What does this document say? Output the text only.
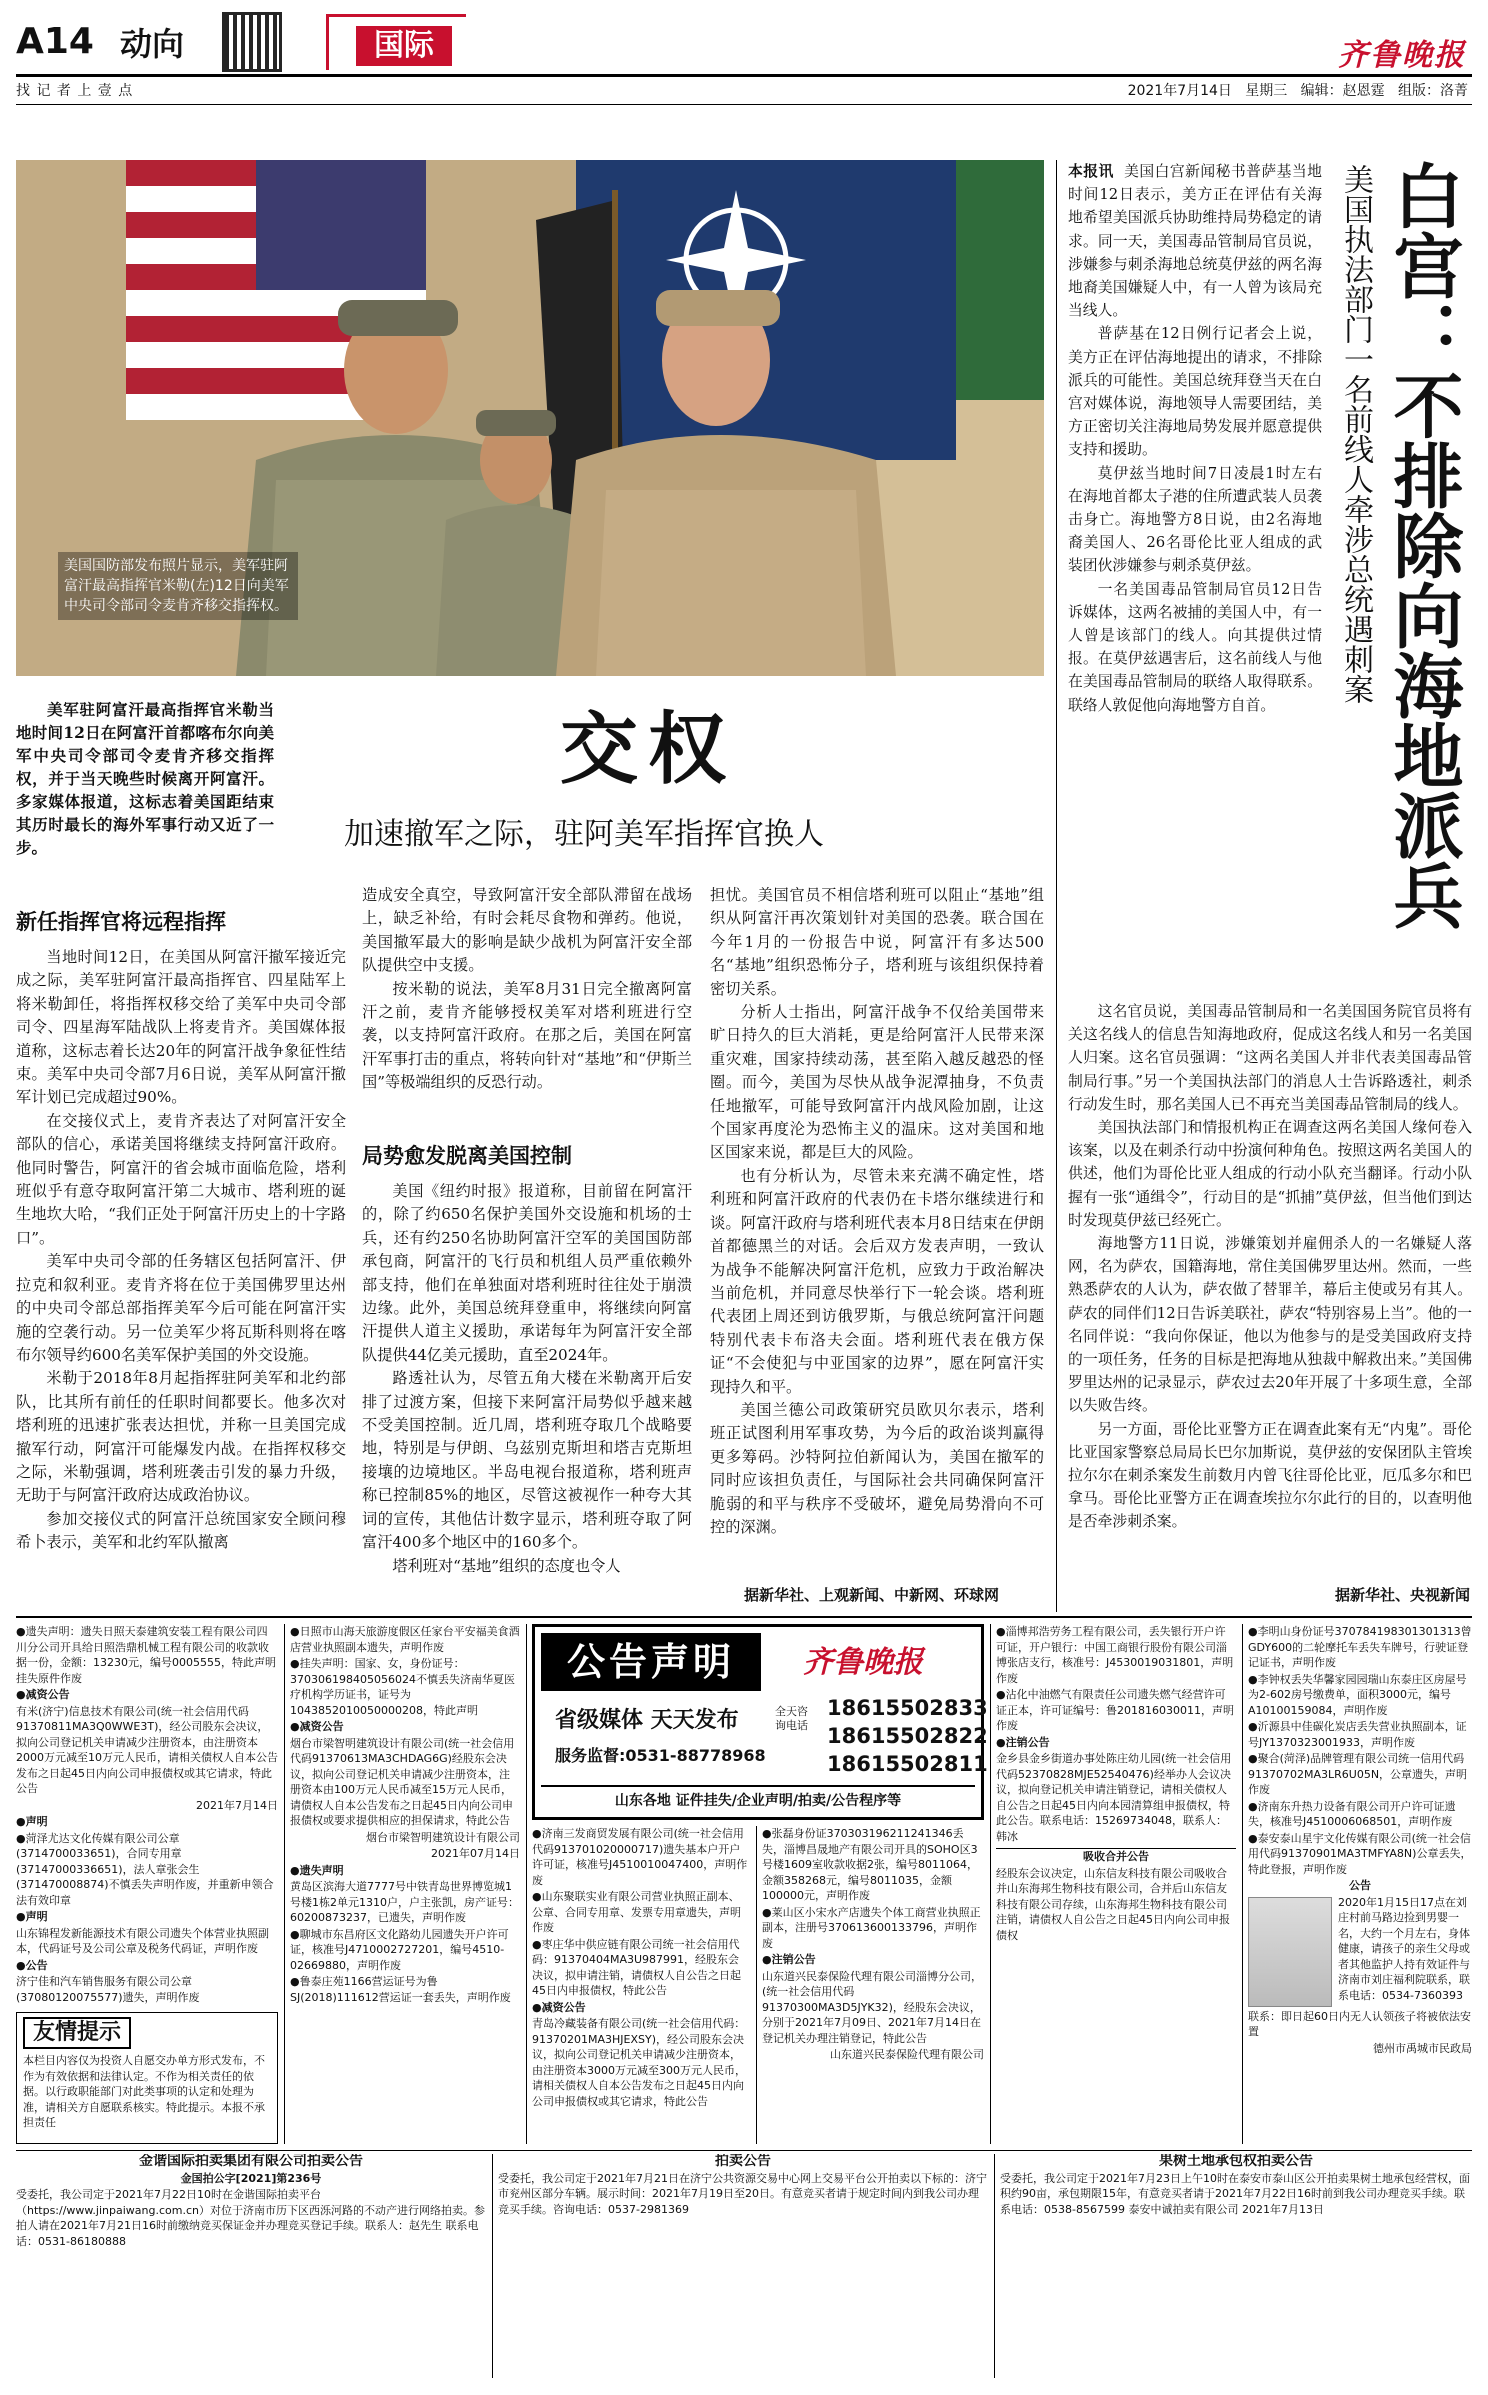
A14 动向
找 记 者 上 壹 点
国际	齐鲁晚报
2021年7月14日 星期三 编辑：赵恩霆 组版：洛菁
美国国防部发布照片显示，美军驻阿富汗最高指挥官米勒(左)12日向美军中央司令部司令麦肯齐移交指挥权。
美军驻阿富汗最高指挥官米勒当地时间12日在阿富汗首都喀布尔向美军中央司令部司令麦肯齐移交指挥权，并于当天晚些时候离开阿富汗。多家媒体报道，这标志着美国距结束其历时最长的海外军事行动又近了一步。
交权
加速撤军之际，驻阿美军指挥官换人
新任指挥官将远程指挥

当地时间12日，在美国从阿富汗撤军接近完成之际，美军驻阿富汗最高指挥官、四星陆军上将米勒卸任，将指挥权移交给了美军中央司令部司令、四星海军陆战队上将麦肯齐。美国媒体报道称，这标志着长达20年的阿富汗战争象征性结束。美军中央司令部7月6日说，美军从阿富汗撤军计划已完成超过90%。

在交接仪式上，麦肯齐表达了对阿富汗安全部队的信心，承诺美国将继续支持阿富汗政府。他同时警告，阿富汗的省会城市面临危险，塔利班似乎有意夺取阿富汗第二大城市、塔利班的诞生地坎大哈，“我们正处于阿富汗历史上的十字路口”。

美军中央司令部的任务辖区包括阿富汗、伊拉克和叙利亚。麦肯齐将在位于美国佛罗里达州的中央司令部总部指挥美军今后可能在阿富汗实施的空袭行动。另一位美军少将瓦斯科则将在喀布尔领导约600名美军保护美国的外交设施。

米勒于2018年8月起指挥驻阿美军和北约部队，比其所有前任的任职时间都要长。他多次对塔利班的迅速扩张表达担忧，并称一旦美国完成撤军行动，阿富汗可能爆发内战。在指挥权移交之际，米勒强调，塔利班袭击引发的暴力升级，无助于与阿富汗政府达成政治协议。

参加交接仪式的阿富汗总统国家安全顾问穆希卜表示，美军和北约军队撤离

造成安全真空，导致阿富汗安全部队滞留在战场上，缺乏补给，有时会耗尽食物和弹药。他说，美国撤军最大的影响是缺少战机为阿富汗安全部队提供空中支援。

按米勒的说法，美军8月31日完全撤离阿富汗之前，麦肯齐能够授权美军对塔利班进行空袭，以支持阿富汗政府。在那之后，美国在阿富汗军事打击的重点，将转向针对“基地”和“伊斯兰国”等极端组织的反恐行动。

局势愈发脱离美国控制

美国《纽约时报》报道称，目前留在阿富汗的，除了约650名保护美国外交设施和机场的士兵，还有约250名协助阿富汗空军的美国国防部承包商，阿富汗的飞行员和机组人员严重依赖外部支持，他们在单独面对塔利班时往往处于崩溃边缘。此外，美国总统拜登重申，将继续向阿富汗提供人道主义援助，承诺每年为阿富汗安全部队提供44亿美元援助，直至2024年。

路透社认为，尽管五角大楼在米勒离开后安排了过渡方案，但接下来阿富汗局势似乎越来越不受美国控制。近几周，塔利班夺取几个战略要地，特别是与伊朗、乌兹别克斯坦和塔吉克斯坦接壤的边境地区。半岛电视台报道称，塔利班声称已控制85%的地区，尽管这被视作一种夸大其词的宣传，其他估计数字显示，塔利班夺取了阿富汗400多个地区中的160多个。

塔利班对“基地”组织的态度也令人

担忧。美国官员不相信塔利班可以阻止“基地”组织从阿富汗再次策划针对美国的恐袭。联合国在今年1月的一份报告中说，阿富汗有多达500名“基地”组织恐怖分子，塔利班与该组织保持着密切关系。

分析人士指出，阿富汗战争不仅给美国带来旷日持久的巨大消耗，更是给阿富汗人民带来深重灾难，国家持续动荡，甚至陷入越反越恐的怪圈。而今，美国为尽快从战争泥潭抽身，不负责任地撤军，可能导致阿富汗内战风险加剧，让这个国家再度沦为恐怖主义的温床。这对美国和地区国家来说，都是巨大的风险。

也有分析认为，尽管未来充满不确定性，塔利班和阿富汗政府的代表仍在卡塔尔继续进行和谈。阿富汗政府与塔利班代表本月8日结束在伊朗首都德黑兰的对话。会后双方发表声明，一致认为战争不能解决阿富汗危机，应致力于政治解决当前危机，并同意尽快举行下一轮会谈。塔利班代表团上周还到访俄罗斯，与俄总统阿富汗问题特别代表卡布洛夫会面。塔利班代表在俄方保证“不会使犯与中亚国家的边界”，愿在阿富汗实现持久和平。

美国兰德公司政策研究员欧贝尔表示，塔利班正试图利用军事攻势，为今后的政治谈判赢得更多筹码。沙特阿拉伯新闻认为，美国在撤军的同时应该担负责任，与国际社会共同确保阿富汗脆弱的和平与秩序不受破坏，避免局势滑向不可控的深渊。

据新华社、上观新闻、中新网、环球网
白宫：不排除向海地派兵
美国执法部门一名前线人牵涉总统遇刺案

本报讯 美国白宫新闻秘书普萨基当地时间12日表示，美方正在评估有关海地希望美国派兵协助维持局势稳定的请求。同一天，美国毒品管制局官员说，涉嫌参与刺杀海地总统莫伊兹的两名海地裔美国嫌疑人中，有一人曾为该局充当线人。

普萨基在12日例行记者会上说，美方正在评估海地提出的请求，不排除派兵的可能性。美国总统拜登当天在白宫对媒体说，海地领导人需要团结，美方正密切关注海地局势发展并愿意提供支持和援助。

莫伊兹当地时间7日凌晨1时左右在海地首都太子港的住所遭武装人员袭击身亡。海地警方8日说，由2名海地裔美国人、26名哥伦比亚人组成的武装团伙涉嫌参与刺杀莫伊兹。

一名美国毒品管制局官员12日告诉媒体，这两名被捕的美国人中，有一人曾是该部门的线人。向其提供过情报。在莫伊兹遇害后，这名前线人与他在美国毒品管制局的联络人取得联系。联络人敦促他向海地警方自首。

这名官员说，美国毒品管制局和一名美国国务院官员将有关这名线人的信息告知海地政府，促成这名线人和另一名美国人归案。这名官员强调：“这两名美国人并非代表美国毒品管制局行事。”另一个美国执法部门的消息人士告诉路透社，刺杀行动发生时，那名美国人已不再充当美国毒品管制局的线人。

美国执法部门和情报机构正在调查这两名美国人缘何卷入该案，以及在刺杀行动中扮演何种角色。按照这两名美国人的供述，他们为哥伦比亚人组成的行动小队充当翻译。行动小队握有一张“通缉令”，行动目的是“抓捕”莫伊兹，但当他们到达时发现莫伊兹已经死亡。

海地警方11日说，涉嫌策划并雇佣杀人的一名嫌疑人落网，名为萨农，国籍海地，常住美国佛罗里达州。然而，一些熟悉萨农的人认为，萨农做了替罪羊，幕后主使或另有其人。萨农的同伴们12日告诉美联社，萨农“特别容易上当”。他的一名同伴说：“我向你保证，他以为他参与的是受美国政府支持的一项任务，任务的目标是把海地从独裁中解救出来。”美国佛罗里达州的记录显示，萨农过去20年开展了十多项生意，全部以失败告终。

另一方面，哥伦比亚警方正在调查此案有无“内鬼”。哥伦比亚国家警察总局局长巴尔加斯说，莫伊兹的安保团队主管埃拉尔尔在刺杀案发生前数月内曾飞往哥伦比亚，厄瓜多尔和巴拿马。哥伦比亚警方正在调查埃拉尔尔此行的目的，以查明他是否牵涉刺杀案。

据新华社、央视新闻

●遗失声明：遗失日照天泰建筑安装工程有限公司四川分公司开具给日照浩鼎机械工程有限公司的收款收据一份，金额：13230元，编号0005555，特此声明挂失原件作废

●减资公告

有米(济宁)信息技术有限公司(统一社会信用代码91370811MA3Q0WWE3T)，经公司股东会决议，拟向公司登记机关申请减少注册资本，由注册资本2000万元减至10万元人民币，请相关债权人自本公告发布之日起45日内向公司申报债权或其它请求，特此公告

2021年7月14日

●声明

●菏泽尤达文化传媒有限公司公章(3714700033651)，合同专用章(37147000336651)，法人章张会生(371470008874)不慎丢失声明作废，并重新申领合法有效印章

●声明

山东锦程发新能源技术有限公司遗失个体营业执照副本，代码证号及公司公章及税务代码证，声明作废

●公告

济宁佳和汽车销售服务有限公司公章(37080120075577)遗失，声明作废

友情提示
本栏目内容仅为投资人自愿交办单方形式发布，不作为有效依据和法律认定。不作为相关责任的依据。以行政职能部门对此类事项的认定和处理为准，请相关方自愿联系核实。特此提示。本报不承担责任

●日照市山海天旅游度假区任家台平安福美食酒店营业执照副本遗失，声明作废

●挂失声明：国家、女，身份证号：370306198405056024不慎丢失济南华夏医疗机构学历证书，证号为1043852010050000208，特此声明

●减资公告

烟台市梁智明建筑设计有限公司(统一社会信用代码91370613MA3CHDAG6G)经股东会决议，拟向公司登记机关申请减少注册资本，注册资本由100万元人民币减至15万元人民币，请债权人自本公告发布之日起45日内向公司申报债权或要求提供相应的担保请求，特此公告

烟台市梁智明建筑设计有限公司

2021年07月14日

●遗失声明

黄岛区滨海大道7777号中铁青岛世界博览城1号楼1栋2单元1310户，户主张凯，房产证号：60200873237，已遗失，声明作废

●聊城市东昌府区文化路幼儿园遗失开户许可证，核准号J4710002727201，编号4510-02669880，声明作废

●鲁泰庄苑1166营运证号为鲁SJ(2018)111612营运证一套丢失，声明作废

公告声明	齐鲁晚报
省级媒体 天天发布	全天咨询电话
18615502833
18615502822
18615502811
服务监督:0531-88778968
山东各地 证件挂失/企业声明/拍卖/公告程序等

●济南三发商贸发展有限公司(统一社会信用代码913701020000717)遗失基本户开户许可证，核准号J4510010047400，声明作废

●山东聚联实业有限公司营业执照正副本、公章、合同专用章、发票专用章遗失，声明作废

●枣庄华中供应链有限公司统一社会信用代码：91370404MA3U987991，经股东会决议，拟申请注销，请债权人自公告之日起45日内申报债权，特此公告

●减资公告

青岛冷藏装备有限公司(统一社会信用代码：91370201MA3HJEXSY)，经公司股东会决议，拟向公司登记机关申请减少注册资本，由注册资本3000万元减至300万元人民币，请相关债权人自本公告发布之日起45日内向公司申报债权或其它请求，特此公告

●张磊身份证370303196211241346丢失，淄博昌晟地产有限公司开具的SOHO区3号楼1609室收款收据2张，编号8011064，金额358268元，编号8011035，金额100000元，声明作废

●莱山区小宋水产店遗失个体工商营业执照正副本，注册号370613600133796，声明作废

●注销公告

山东道兴民泰保险代理有限公司淄博分公司，(统一社会信用代码91370300MA3D5JYK32)，经股东会决议，分别于2021年7月09日、2021年7月14日在登记机关办理注销登记，特此公告

山东道兴民泰保险代理有限公司

●淄博邦浩劳务工程有限公司，丢失银行开户许可证，开户银行：中国工商银行股份有限公司淄博张店支行，核准号：J4530019031801，声明作废

●沾化中油燃气有限责任公司遗失燃气经营许可证正本，许可证编号：鲁201816030011，声明作废

●注销公告

金乡县金乡街道办事处陈庄幼儿园(统一社会信用代码52370828MJE52540476)经举办人会议决议，拟向登记机关申请注销登记，请相关债权人自公告之日起45日内向本园清算组申报债权，特此公告。联系电话：15269734048，联系人：韩冰

吸收合并公告

经股东会议决定，山东信友科技有限公司吸收合并山东海邦生物科技有限公司，合并后山东信友科技有限公司存续，山东海邦生物科技有限公司注销，请债权人自公告之日起45日内向公司申报债权

●李明山身份证号370784198301301313曾GDY600的二轮摩托车丢失车牌号，行驶证登记证书，声明作废

●李钟权丢失华馨家园园瑞山东泰庄区房屋号为2-602房号缴费单，面积3000元，编号A10100159084，声明作废

●沂源县中佳碳化炭店丢失营业执照副本，证号JY1370323001933，声明作废

●聚合(菏泽)品牌管理有限公司统一信用代码91370702MA3LR6U05N，公章遗失，声明作废

●济南东升热力设备有限公司开户许可证遗失，核准号J4510006068501，声明作废

●泰安泰山星宇文化传媒有限公司(统一社会信用代码91370901MA3TMFYA8N)公章丢失，特此登报，声明作废

公告

2020年1月15日17点在刘庄村前马路边捡到男婴一名，大约一个月左右，身体健康，请孩子的亲生父母或者其他监护人持有效证件与济南市刘庄福利院联系，联系电话：0534-7360393

联系：即日起60日内无人认领孩子将被依法安置

德州市禹城市民政局

金谐国际拍卖集团有限公司拍卖公告

金国拍公字[2021]第236号

受委托，我公司定于2021年7月22日10时在金谐国际拍卖平台（https://www.jinpaiwang.com.cn）对位于济南市历下区西泺河路的不动产进行网络拍卖。参拍人请在2021年7月21日16时前缴纳竞买保证金并办理竞买登记手续。联系人：赵先生 联系电话：0531-86180888

拍卖公告

受委托，我公司定于2021年7月21日在济宁公共资源交易中心网上交易平台公开拍卖以下标的：济宁市兖州区部分车辆。展示时间：2021年7月19日至20日。有意竞买者请于规定时间内到我公司办理竞买手续。咨询电话：0537-2981369

果树土地承包权拍卖公告

受委托，我公司定于2021年7月23日上午10时在泰安市泰山区公开拍卖果树土地承包经营权，面积约90亩，承包期限15年，有意竞买者请于2021年7月22日16时前到我公司办理竞买手续。联系电话：0538-8567599 泰安中诚拍卖有限公司 2021年7月13日
